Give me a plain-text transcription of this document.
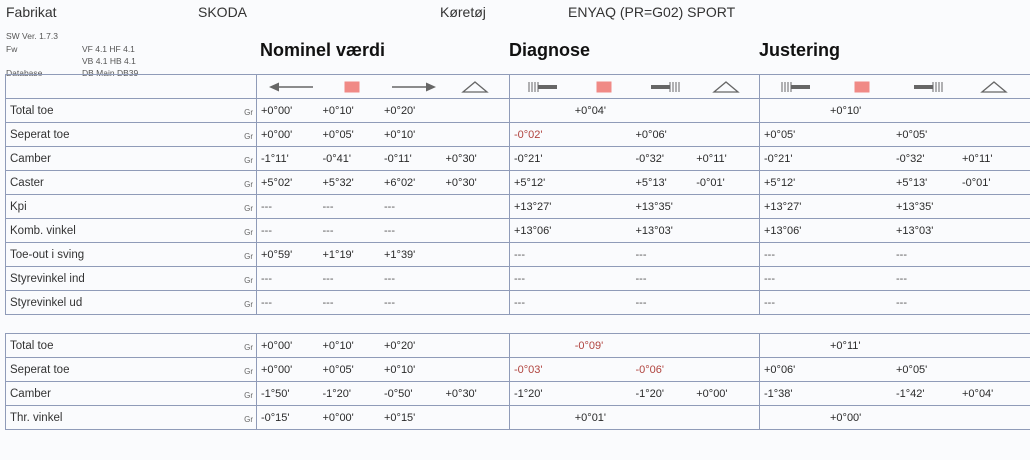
Fabrikat	SKODA	Køretøj	ENYAQ (PR=G02) SPORT
SW Ver. 1.7.3
Fw	VF 4.1 HF 4.1
VB 4.1 HB 4.1
Database	DB Main DB39
Nominel værdi	Diagnose	Justering

Gr
Total toe	+0°00' +0°10' +0°20'	+0°04'	+0°10'

Gr
Seperat toe	+0°00' +0°05' +0°10'	-0°02' +0°06'	+0°05' +0°05'

Gr
Camber	-1°11' -0°41' -0°11' +0°30'	-0°21' -0°32' +0°11'	-0°21' -0°32' +0°11'

Gr
Caster	+5°02' +5°32' +6°02' +0°30'	+5°12' +5°13' -0°01'	+5°12' +5°13' -0°01'

Gr
Kpi	--- --- ---	+13°27' +13°35'	+13°27' +13°35'

Gr
Komb. vinkel	--- --- ---	+13°06' +13°03'	+13°06' +13°03'

Gr
Toe-out i sving	+0°59' +1°19' +1°39'	--- ---	--- ---

Gr
Styrevinkel ind	--- --- ---	--- ---	--- ---

Gr
Styrevinkel ud	--- --- ---	--- ---	--- ---
Gr
Total toe	+0°00' +0°10' +0°20'	-0°09'	+0°11'

Gr
Seperat toe	+0°00' +0°05' +0°10'	-0°03' -0°06'	+0°06' +0°05'

Gr
Camber	-1°50' -1°20' -0°50' +0°30'	-1°20' -1°20' +0°00'	-1°38' -1°42' +0°04'

Gr
Thr. vinkel	-0°15' +0°00' +0°15'	+0°01'	+0°00'
